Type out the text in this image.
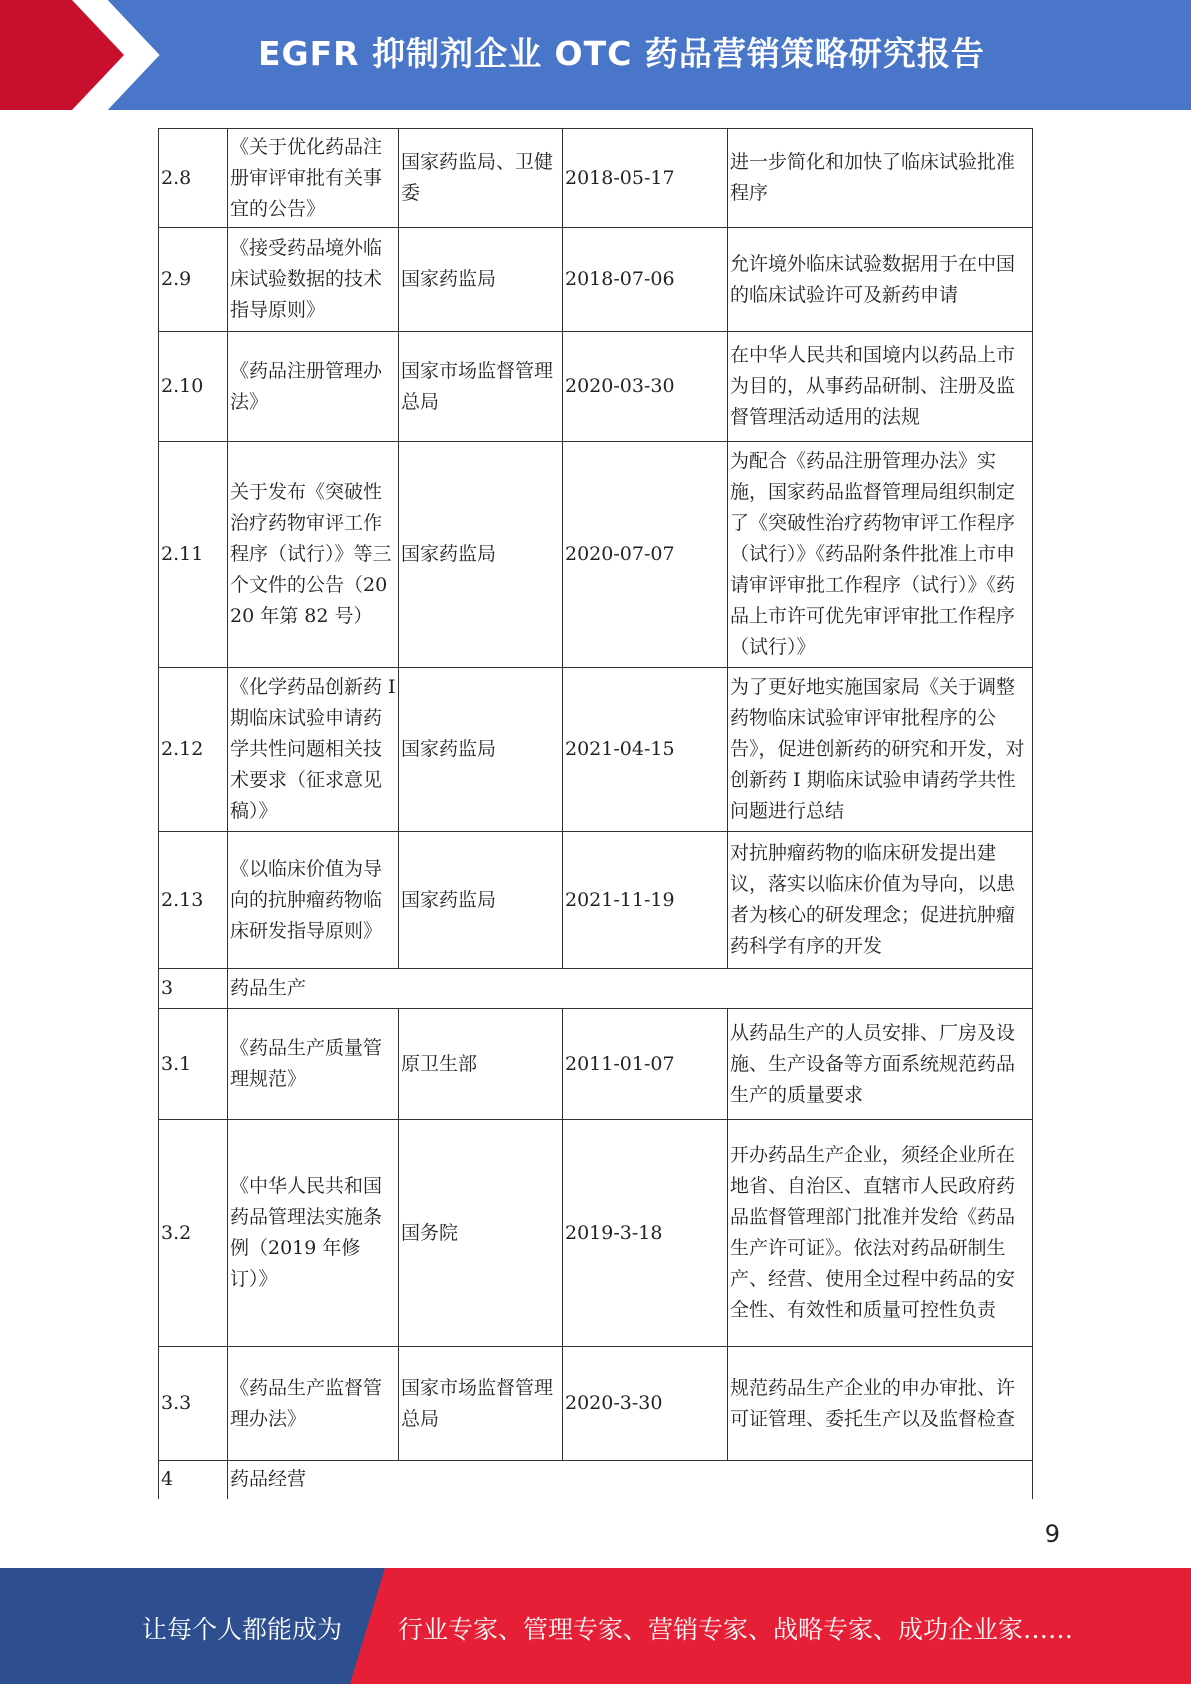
EGFR 抑制剂企业 OTC 药品营销策略研究报告
2.8	《关于优化药品注册审评审批有关事宜的公告》	国家药监局、卫健委	2018-05-17	进一步简化和加快了临床试验批准程序
2.9	《接受药品境外临床试验数据的技术指导原则》	国家药监局	2018-07-06	允许境外临床试验数据用于在中国的临床试验许可及新药申请
2.10	《药品注册管理办法》	国家市场监督管理总局	2020-03-30	在中华人民共和国境内以药品上市为目的，从事药品研制、注册及监督管理活动适用的法规
2.11	关于发布《突破性治疗药物审评工作程序（试行）》等三个文件的公告（2020 年第 82 号）	国家药监局	2020-07-07	为配合《药品注册管理办法》实施，国家药品监督管理局组织制定了《突破性治疗药物审评工作程序（试行）》《药品附条件批准上市申请审评审批工作程序（试行）》《药品上市许可优先审评审批工作程序（试行）》
2.12	《化学药品创新药 I 期临床试验申请药学共性问题相关技术要求（征求意见稿）》	国家药监局	2021-04-15	为了更好地实施国家局《关于调整药物临床试验审评审批程序的公告》，促进创新药的研究和开发，对创新药 I 期临床试验申请药学共性问题进行总结
2.13	《以临床价值为导向的抗肿瘤药物临床研发指导原则》	国家药监局	2021-11-19	对抗肿瘤药物的临床研发提出建议，落实以临床价值为导向，以患者为核心的研发理念；促进抗肿瘤药科学有序的开发
3	药品生产			
3.1	《药品生产质量管理规范》	原卫生部	2011-01-07	从药品生产的人员安排、厂房及设施、生产设备等方面系统规范药品生产的质量要求
3.2	《中华人民共和国药品管理法实施条例（2019 年修订）》	国务院	2019-3-18	开办药品生产企业，须经企业所在地省、自治区、直辖市人民政府药品监督管理部门批准并发给《药品生产许可证》。依法对药品研制生产、经营、使用全过程中药品的安全性、有效性和质量可控性负责
3.3	《药品生产监督管理办法》	国家市场监督管理总局	2020-3-30	规范药品生产企业的申办审批、许可证管理、委托生产以及监督检查
4	药品经营			
9
让每个人都能成为 行业专家、管理专家、营销专家、战略专家、成功企业家……
